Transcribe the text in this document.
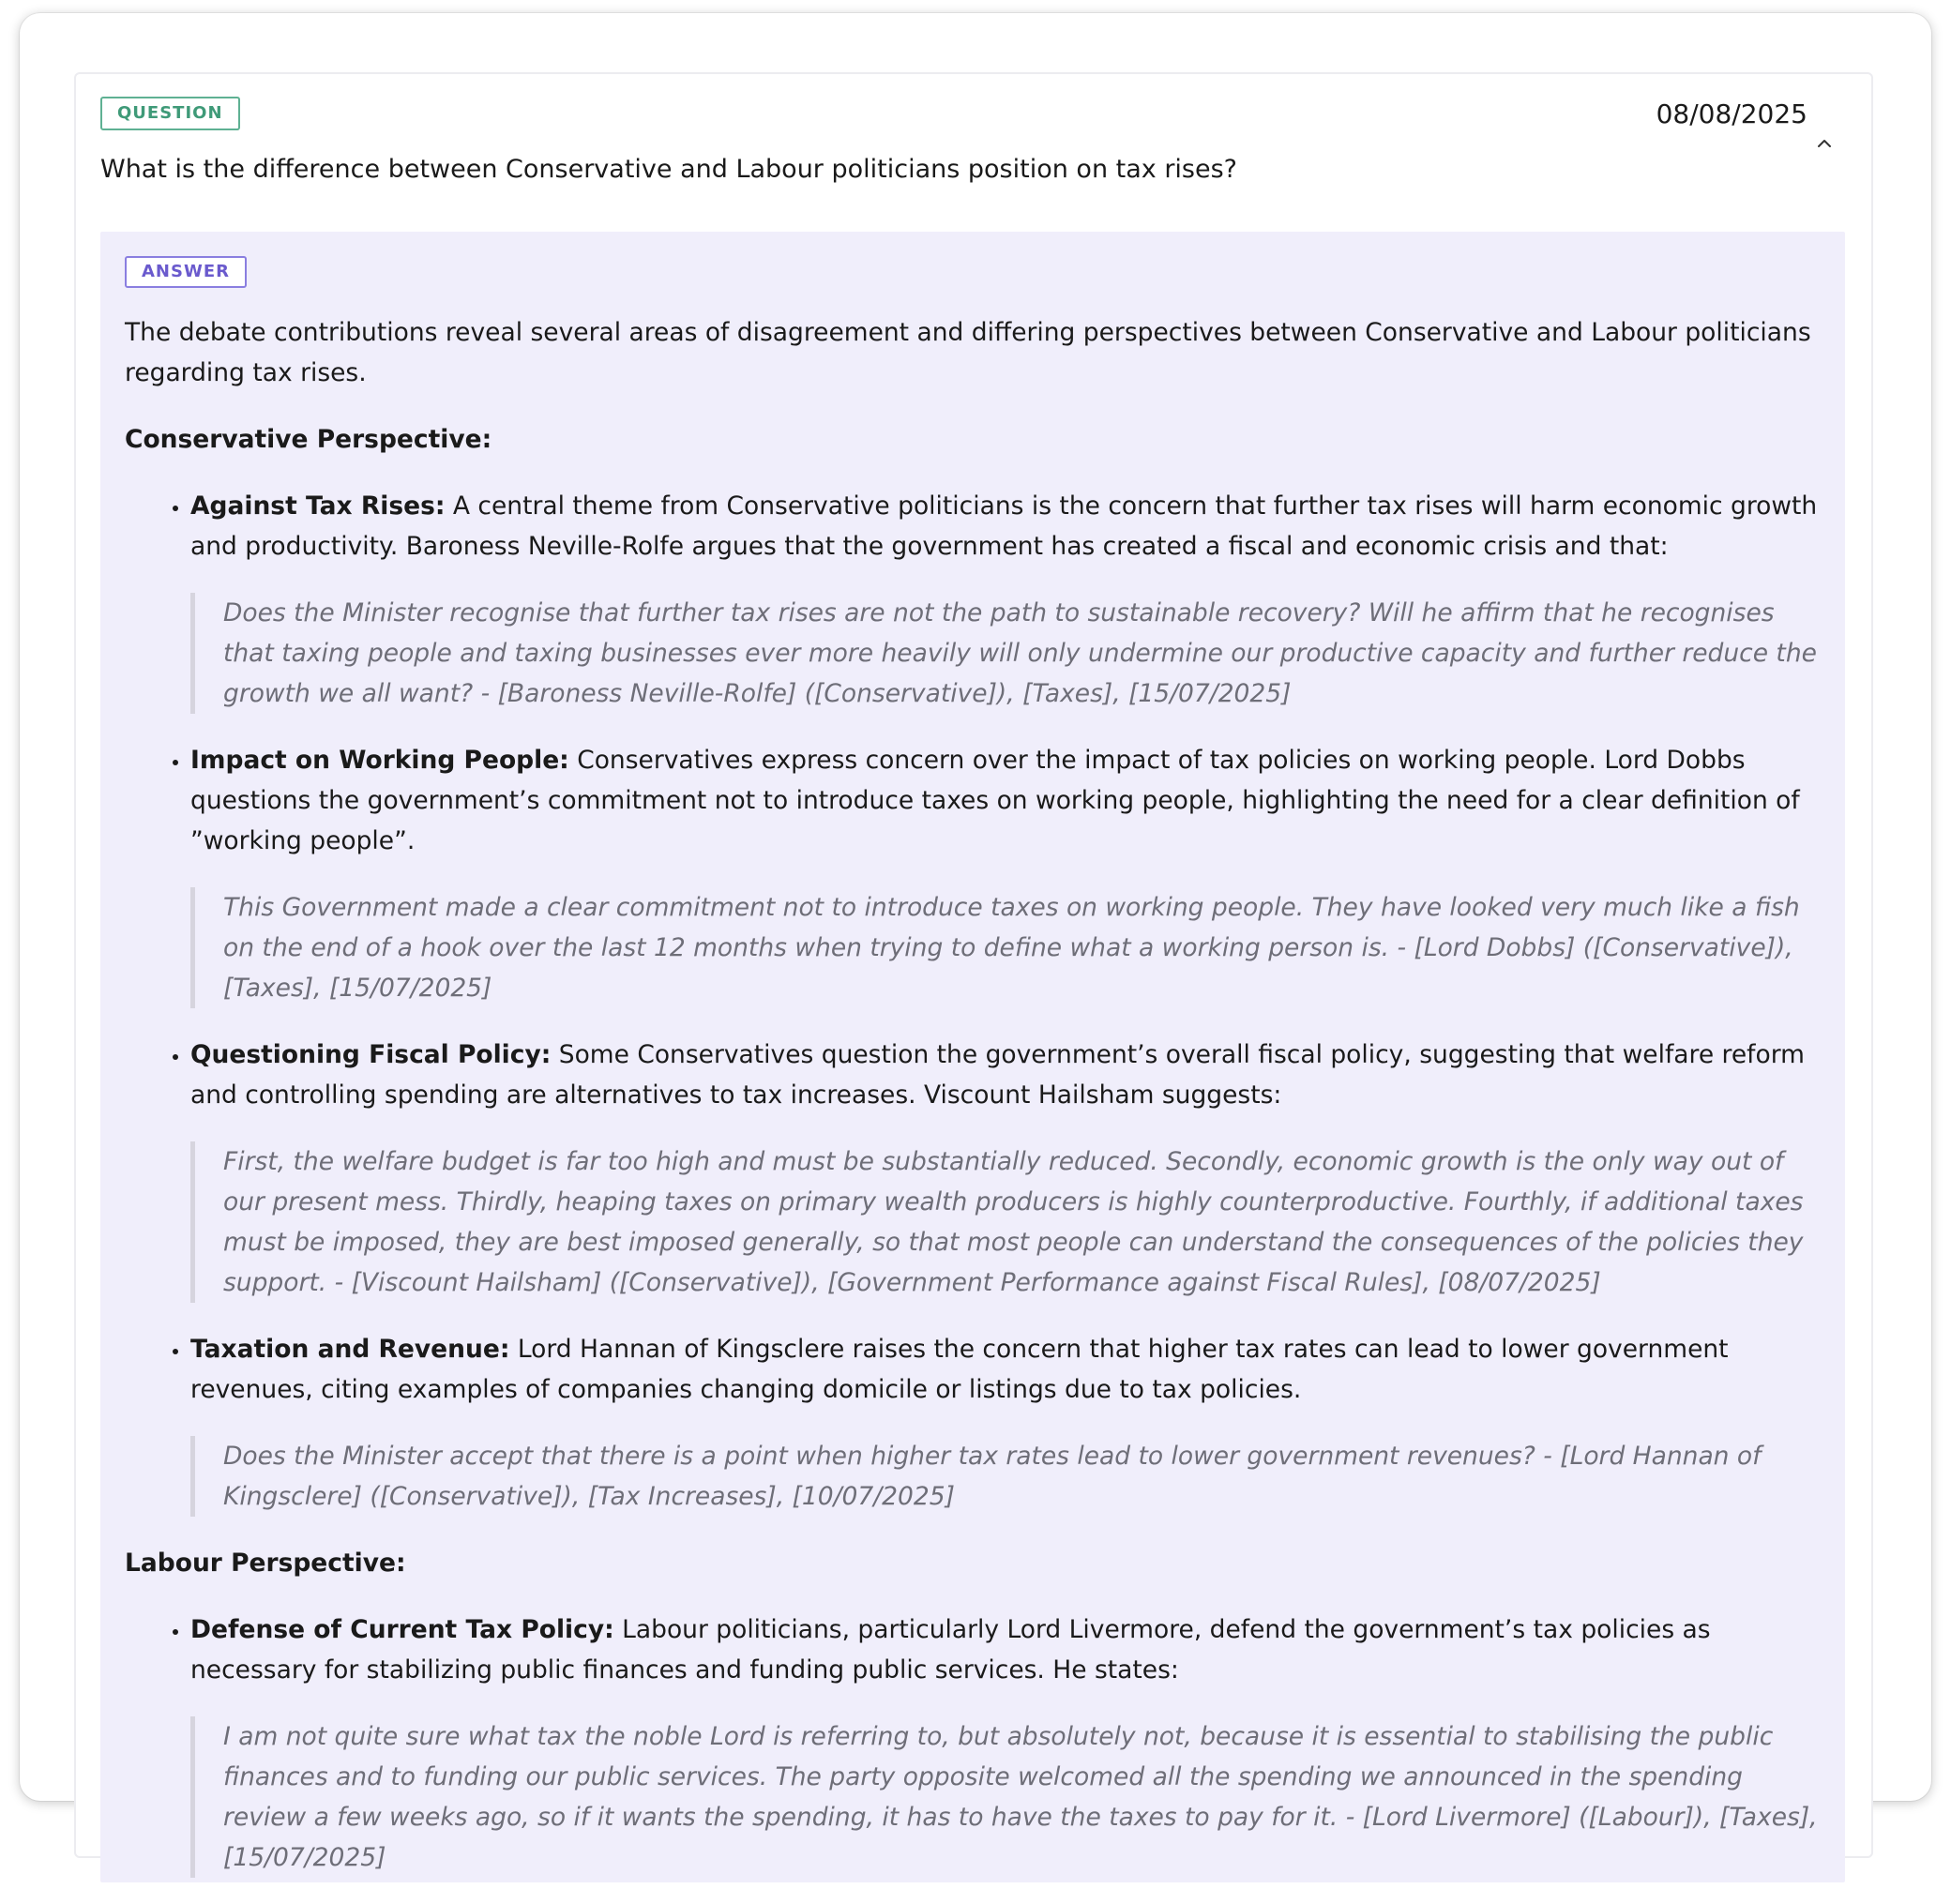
QUESTION	08/08/2025
What is the difference between Conservative and Labour politicians position on tax rises?
ANSWER

The debate contributions reveal several areas of disagreement and differing perspectives between Conservative and Labour politicians regarding tax rises.

Conservative Perspective:
• Against Tax Rises: A central theme from Conservative politicians is the concern that further tax rises will harm economic growth and productivity. Baroness Neville-Rolfe argues that the government has created a fiscal and economic crisis and that:
Does the Minister recognise that further tax rises are not the path to sustainable recovery? Will he affirm that he recognises that taxing people and taxing businesses ever more heavily will only undermine our productive capacity and further reduce the growth we all want? - [Baroness Neville-Rolfe] ([Conservative]), [Taxes], [15/07/2025]
• Impact on Working People: Conservatives express concern over the impact of tax policies on working people. Lord Dobbs questions the government’s commitment not to introduce taxes on working people, highlighting the need for a clear definition of ”working people”.
This Government made a clear commitment not to introduce taxes on working people. They have looked very much like a fish on the end of a hook over the last 12 months when trying to define what a working person is. - [Lord Dobbs] ([Conservative]), [Taxes], [15/07/2025]
• Questioning Fiscal Policy: Some Conservatives question the government’s overall fiscal policy, suggesting that welfare reform and controlling spending are alternatives to tax increases. Viscount Hailsham suggests:
First, the welfare budget is far too high and must be substantially reduced. Secondly, economic growth is the only way out of our present mess. Thirdly, heaping taxes on primary wealth producers is highly counterproductive. Fourthly, if additional taxes must be imposed, they are best imposed generally, so that most people can understand the consequences of the policies they support. - [Viscount Hailsham] ([Conservative]), [Government Performance against Fiscal Rules], [08/07/2025]
• Taxation and Revenue: Lord Hannan of Kingsclere raises the concern that higher tax rates can lead to lower government revenues, citing examples of companies changing domicile or listings due to tax policies.
Does the Minister accept that there is a point when higher tax rates lead to lower government revenues? - [Lord Hannan of Kingsclere] ([Conservative]), [Tax Increases], [10/07/2025]
Labour Perspective:
• Defense of Current Tax Policy: Labour politicians, particularly Lord Livermore, defend the government’s tax policies as necessary for stabilizing public finances and funding public services. He states:
I am not quite sure what tax the noble Lord is referring to, but absolutely not, because it is essential to stabilising the public finances and to funding our public services. The party opposite welcomed all the spending we announced in the spending review a few weeks ago, so if it wants the spending, it has to have the taxes to pay for it. - [Lord Livermore] ([Labour]), [Taxes], [15/07/2025]
